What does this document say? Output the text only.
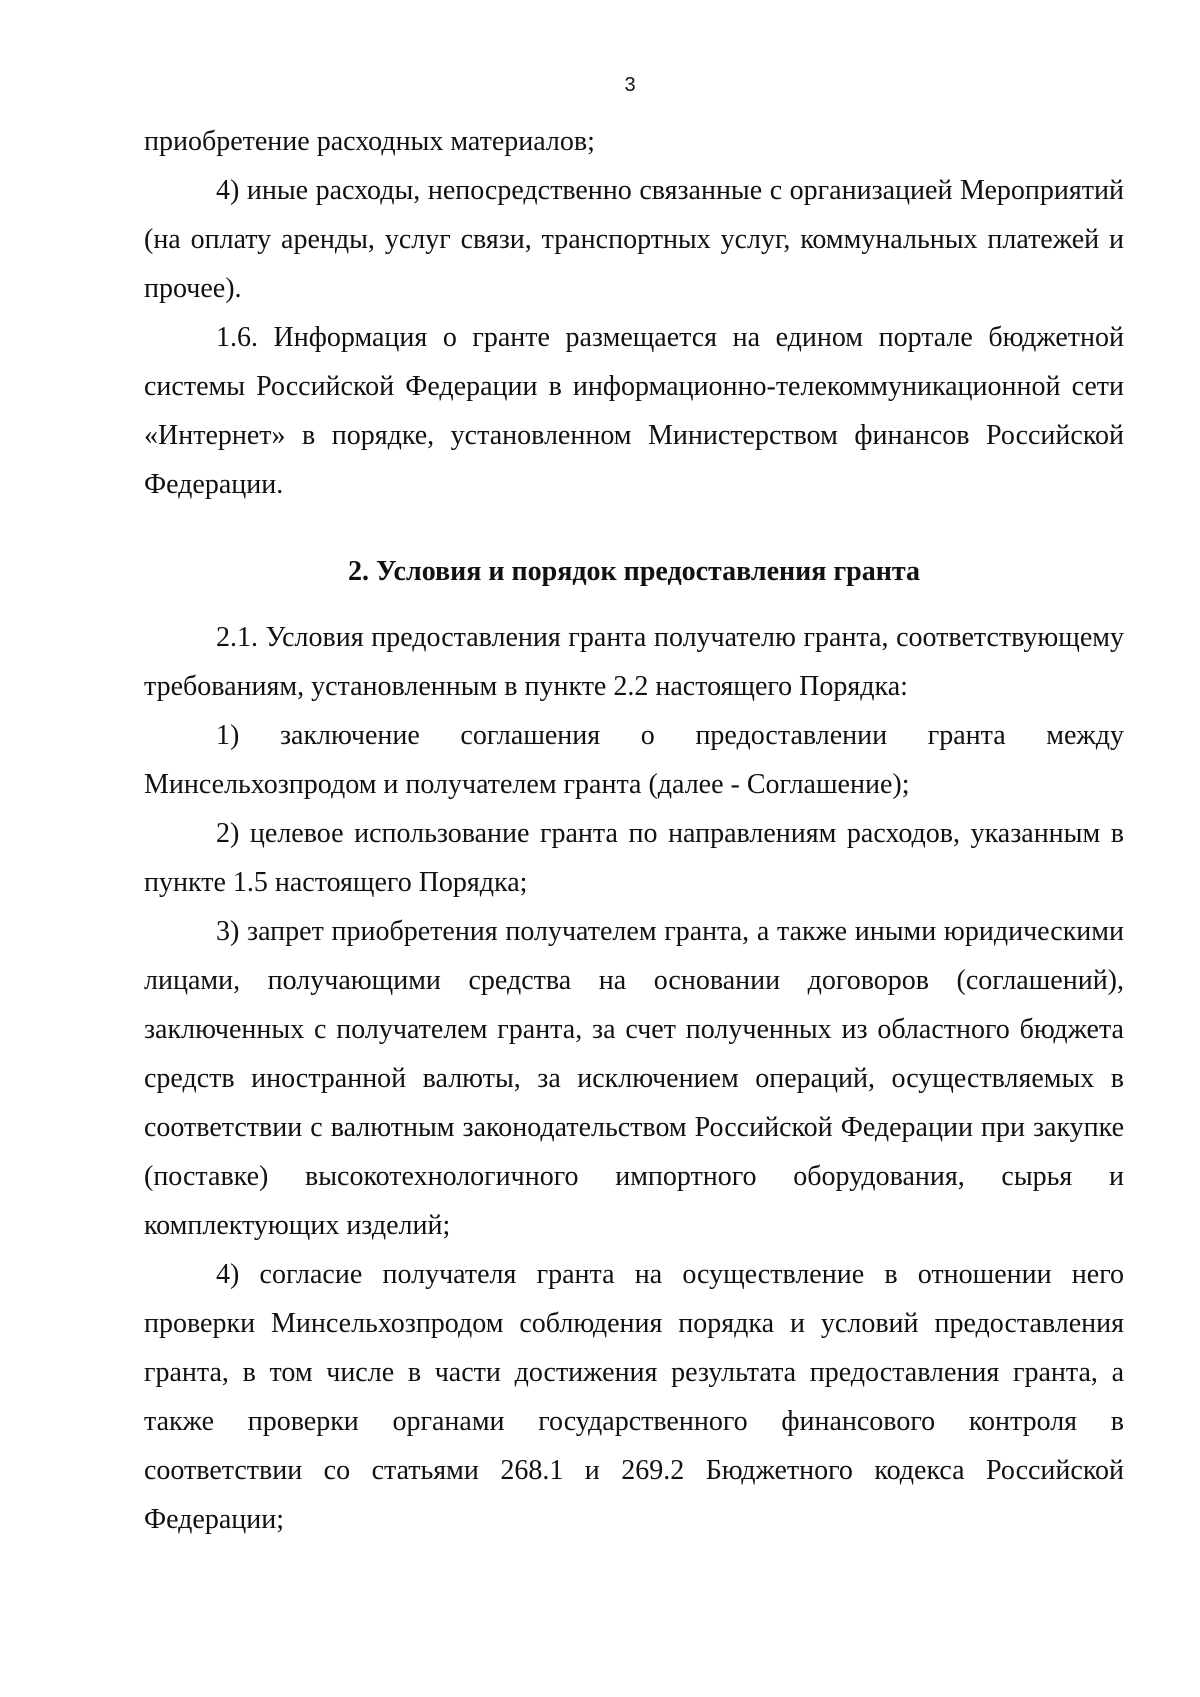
3

приобретение расходных материалов;

4) иные расходы, непосредственно связанные с организацией Мероприятий (на оплату аренды, услуг связи, транспортных услуг, коммунальных платежей и прочее).

1.6. Информация о гранте размещается на едином портале бюджетной системы Российской Федерации в информационно-телекоммуникационной сети «Интернет» в порядке, установленном Министерством финансов Российской Федерации.

2. Условия и порядок предоставления гранта

2.1. Условия предоставления гранта получателю гранта, соответствующему требованиям, установленным в пункте 2.2 настоящего Порядка:

1) заключение соглашения о предоставлении гранта между Минсельхозпродом и получателем гранта (далее - Соглашение);

2) целевое использование гранта по направлениям расходов, указанным в пункте 1.5 настоящего Порядка;

3) запрет приобретения получателем гранта, а также иными юридическими лицами, получающими средства на основании договоров (соглашений), заключенных с получателем гранта, за счет полученных из областного бюджета средств иностранной валюты, за исключением операций, осуществляемых в соответствии с валютным законодательством Российской Федерации при закупке (поставке) высокотехнологичного импортного оборудования, сырья и комплектующих изделий;

4) согласие получателя гранта на осуществление в отношении него проверки Минсельхозпродом соблюдения порядка и условий предоставления гранта, в том числе в части достижения результата предоставления гранта, а также проверки органами государственного финансового контроля в соответствии со статьями 268.1 и 269.2 Бюджетного кодекса Российской Федерации;
